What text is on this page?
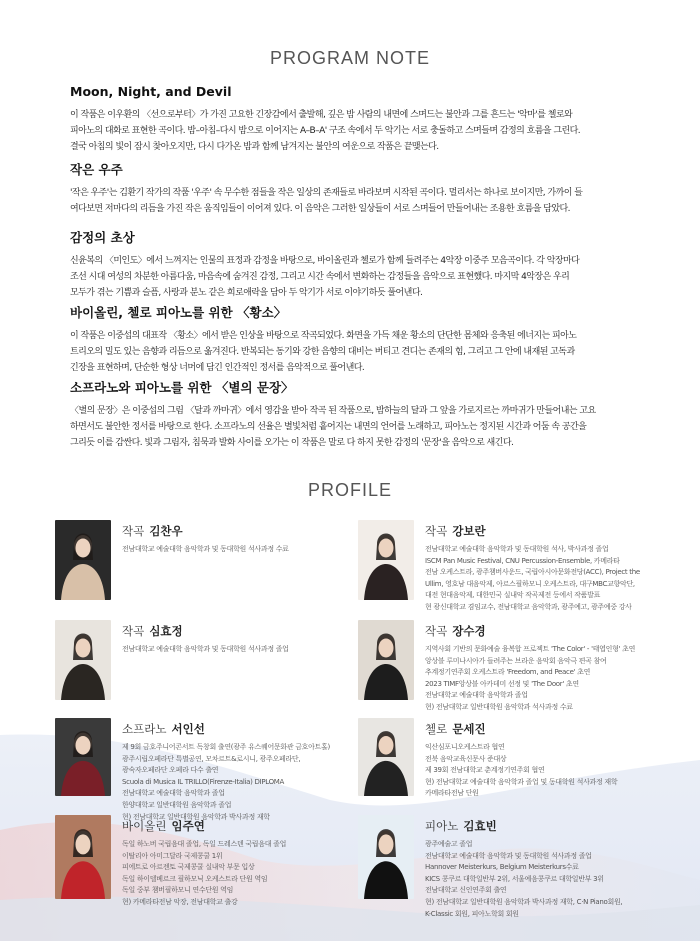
PROGRAM NOTE
Moon, Night, and Devil

이 작품은 이우환의 〈선으로부터〉가 가진 고요한 긴장감에서 출발해, 깊은 밤 사람의 내면에 스며드는 불안과 그를 흔드는 '악마'를 첼로와

피아노의 대화로 표현한 곡이다. 밤–아침–다시 밤으로 이어지는 A–B–A' 구조 속에서 두 악기는 서로 충돌하고 스며들며 감정의 흐름을 그린다.

결국 아침의 빛이 잠시 찾아오지만, 다시 다가온 밤과 함께 남겨지는 불안의 여운으로 작품은 끝맺는다.

작은 우주

'작은 우주'는 김환기 작가의 작품 '우주' 속 무수한 점들을 작은 일상의 존재들로 바라보며 시작된 곡이다. 멀리서는 하나로 보이지만, 가까이 들

여다보면 저마다의 리듬을 가진 작은 움직임들이 이어져 있다. 이 음악은 그러한 일상들이 서로 스며들어 만들어내는 조용한 흐름을 담았다.

감정의 초상

신윤복의 〈미인도〉에서 느껴지는 인물의 표정과 감정을 바탕으로, 바이올린과 첼로가 함께 들려주는 4악장 이중주 모음곡이다. 각 악장마다

조선 시대 여성의 차분한 아름다움, 마음속에 숨겨진 감정, 그리고 시간 속에서 변화하는 감정들을 음악으로 표현했다. 마지막 4악장은 우리

모두가 겪는 기쁨과 슬픔, 사랑과 분노 같은 희로애락을 담아 두 악기가 서로 이야기하듯 풀어낸다.

바이올린, 첼로 피아노를 위한 〈황소〉

이 작품은 이중섭의 대표작 〈황소〉에서 받은 인상을 바탕으로 작곡되었다. 화면을 가득 채운 황소의 단단한 몸체와 응축된 에너지는 피아노

트리오의 밀도 있는 음향과 리듬으로 옮겨진다. 반복되는 동기와 강한 음향의 대비는 버티고 견디는 존재의 힘, 그리고 그 안에 내재된 고독과

긴장을 표현하며, 단순한 형상 너머에 담긴 인간적인 정서를 음악적으로 풀어낸다.

소프라노와 피아노를 위한 〈별의 문장〉

〈별의 문장〉은 이중섭의 그림 〈달과 까마귀〉에서 영감을 받아 작곡 된 작품으로, 밤하늘의 달과 그 앞을 가로지르는 까마귀가 만들어내는 고요

하면서도 불안한 정서를 바탕으로 한다. 소프라노의 선율은 별빛처럼 흩어지는 내면의 언어를 노래하고, 피아노는 정지된 시간과 어둠 속 공간을

그리듯 이를 감싼다. 빛과 그림자, 침묵과 발화 사이를 오가는 이 작품은 말로 다 하지 못한 감정의 '문장'을 음악으로 새긴다.

PROFILE
작곡 김찬우
전남대학교 예술대학 음악학과 및 동대학원 석사과정 수료
작곡 강보란
전남대학교 예술대학 음악학과 및 동대학원 석사, 박사과정 졸업
ISCM Pan Music Festival, CNU Percussion-Ensemble, 카메라타
전남 오케스트라, 광주챔버사운드, 국립아시아문화전당(ACC), Project the
Ullim, 영호남 대음악제, 아르스필하모니 오케스트라, 대구MBC교향악단,
대전 현대음악제, 대한민국 실내악 작곡제전 등에서 작품발표
현 광신대학교 겸임교수, 전남대학교 음악학과, 광주예고, 광주예중 강사
작곡 심효정
전남대학교 예술대학 음악학과 및 동대학원 석사과정 졸업
작곡 장수경
지역사회 기반의 문화예술 융복합 프로젝트 'The Color' - '태엽인형' 초연
앙상블 루미나시아가 들려주는 브라운 음악회 음악극 편곡 참여
추계정기연주회 오케스트라 'Freedom, and Peace' 초연
2023 TIMF앙상블 아카데미 선정 및 'The Door' 초연
전남대학교 예술대학 음악학과 졸업
현) 전남대학교 일반대학원 음악학과 석사과정 수료
소프라노 서인선
제 9회 금호주니어콘서트 독창회 출연(광주 유스퀘어문화관 금호아트홀)
광주시립오페라단 특별공연, 모차르트&로시니, 광주오페라단,
광숙자오페라단 오페라 다수 출연
Scuola di Musica IL TRILLO(Firenze-Italia) DIPLOMA
전남대학교 예술대학 음악학과 졸업
한양대학교 일반대학원 음악학과 졸업
현) 전남대학교 일반대학원 음악학과 박사과정 재학
첼로 문세진
익산심포니오케스트라 협연
전북 음악교육신문사 준대상
제 39회 전남대학교 춘계정기연주회 협연
현) 전남대학교 예술대학 음악학과 졸업 및 동대학원 석사과정 재학
카메라타전남 단원
바이올린 임주연
독일 하노버 국립음대 졸업, 독일 드레스덴 국립음대 졸업
이탈리아 아미그달라 국제콩쿨 1위
피에트로 아르젠토 국제콩쿨 실내악 부문 입상
독일 하이델베르크 필하모닉 오케스트라 단원 역임
독일 중부 챔버필하모니 연수단원 역임
현) 카메라타전남 악장, 전남대학교 출강
피아노 김효빈
광주예술고 졸업
전남대학교 예술대학 음악학과 및 동대학원 석사과정 졸업
Hannover Meisterkurs, Belgium Meisterkurs수료
KICS 콩쿠르 대학일반부 2위, 서울예음콩쿠르 대학일반부 3위
전남대학교 신인연주회 출연
현) 전남대학교 일반대학원 음악학과 박사과정 재학, C·N Piano회원,
K-Classic 회원, 피아노학회 회원
